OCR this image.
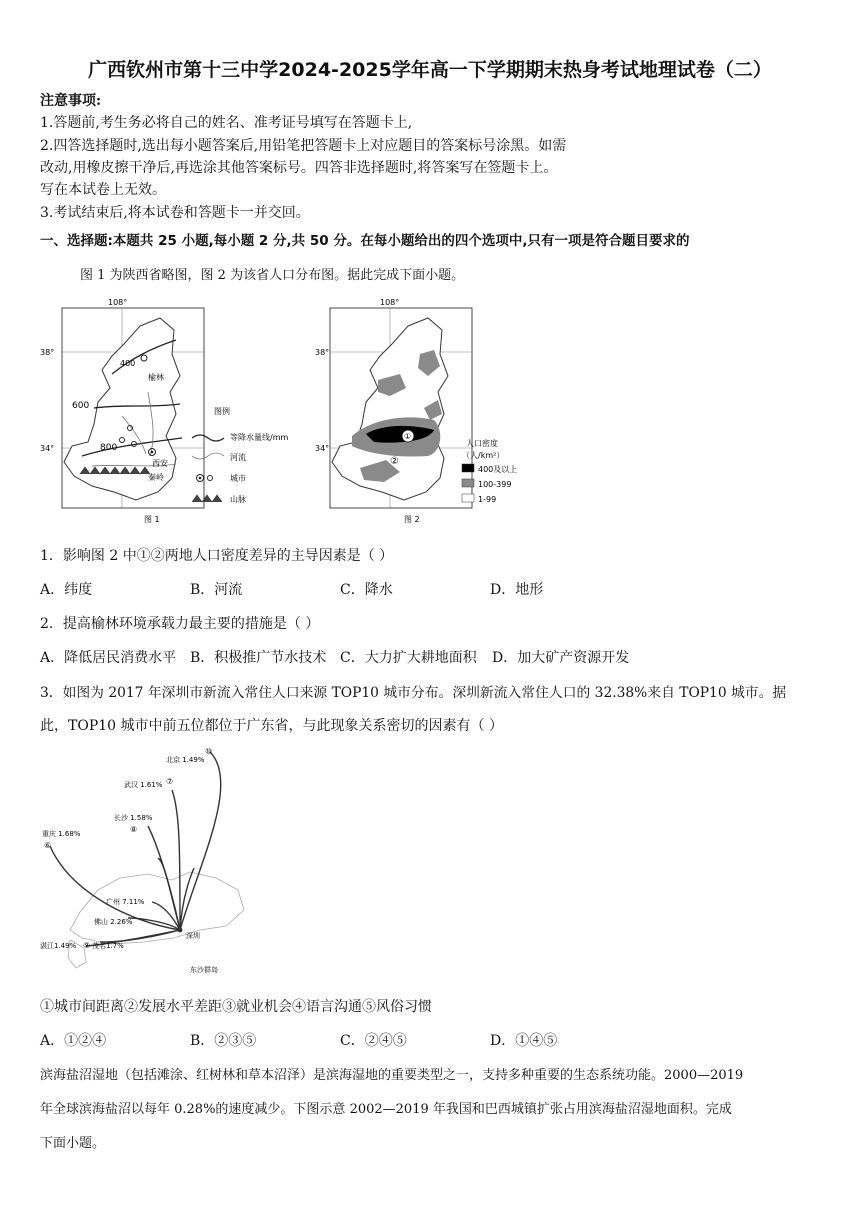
广西钦州市第十三中学2024-2025学年高一下学期期末热身考试地理试卷（二）
注意事项:
1.答题前,考生务必将自己的姓名、准考证号填写在答题卡上,
2.四答选择题时,选出每小题答案后,用铅笔把答题卡上对应题目的答案标号涂黑。如需
改动,用橡皮擦干净后,再选涂其他答案标号。四答非选择题时,将答案写在签题卡上。
写在本试卷上无效。
3.考试结束后,将本试卷和答题卡一并交回。
一、选择题:本题共 25 小题,每小题 2 分,共 50 分。在每小题给出的四个选项中,只有一项是符合题目要求的
图 1 为陕西省略图，图 2 为该省人口分布图。据此完成下面小题。
108°
38°
34°
400
600
800
榆林
西安
秦岭
图例
等降水量线/mm
河流
城市
山脉
图 1
108°
38°
34°
①
②
人口密度
（人/km²）
400及以上
100-399
1-99
图 2
1．影响图 2 中①②两地人口密度差异的主导因素是（ ）
A．纬度	B．河流	C．降水	D．地形
2．提高榆林环境承载力最主要的措施是（ ）
A．降低居民消费水平 B．积极推广节水技术 C．大力扩大耕地面积 D．加大矿产资源开发
3．如图为 2017 年深圳市新流入常住人口来源 TOP10 城市分布。深圳新流入常住人口的 32.38%来自 TOP10 城市。据
此，TOP10 城市中前五位都位于广东省，与此现象关系密切的因素有（ ）
北京 1.49%
⑩
武汉 1.61% ⑦
长沙 1.58%
⑧
重庆 1.68%
⑥
广州 7.11%
佛山 2.26%
湛江1.49% 茂名1.7%
⑨
深圳
东沙群岛
①城市间距离②发展水平差距③就业机会④语言沟通⑤风俗习惯
A．①②④	B．②③⑤	C．②④⑤	D．①④⑤
滨海盐沼湿地（包括滩涂、红树林和草本沼泽）是滨海湿地的重要类型之一，支持多种重要的生态系统功能。2000—2019
年全球滨海盐沼以每年 0.28%的速度减少。下图示意 2002—2019 年我国和巴西城镇扩张占用滨海盐沼湿地面积。完成
下面小题。
